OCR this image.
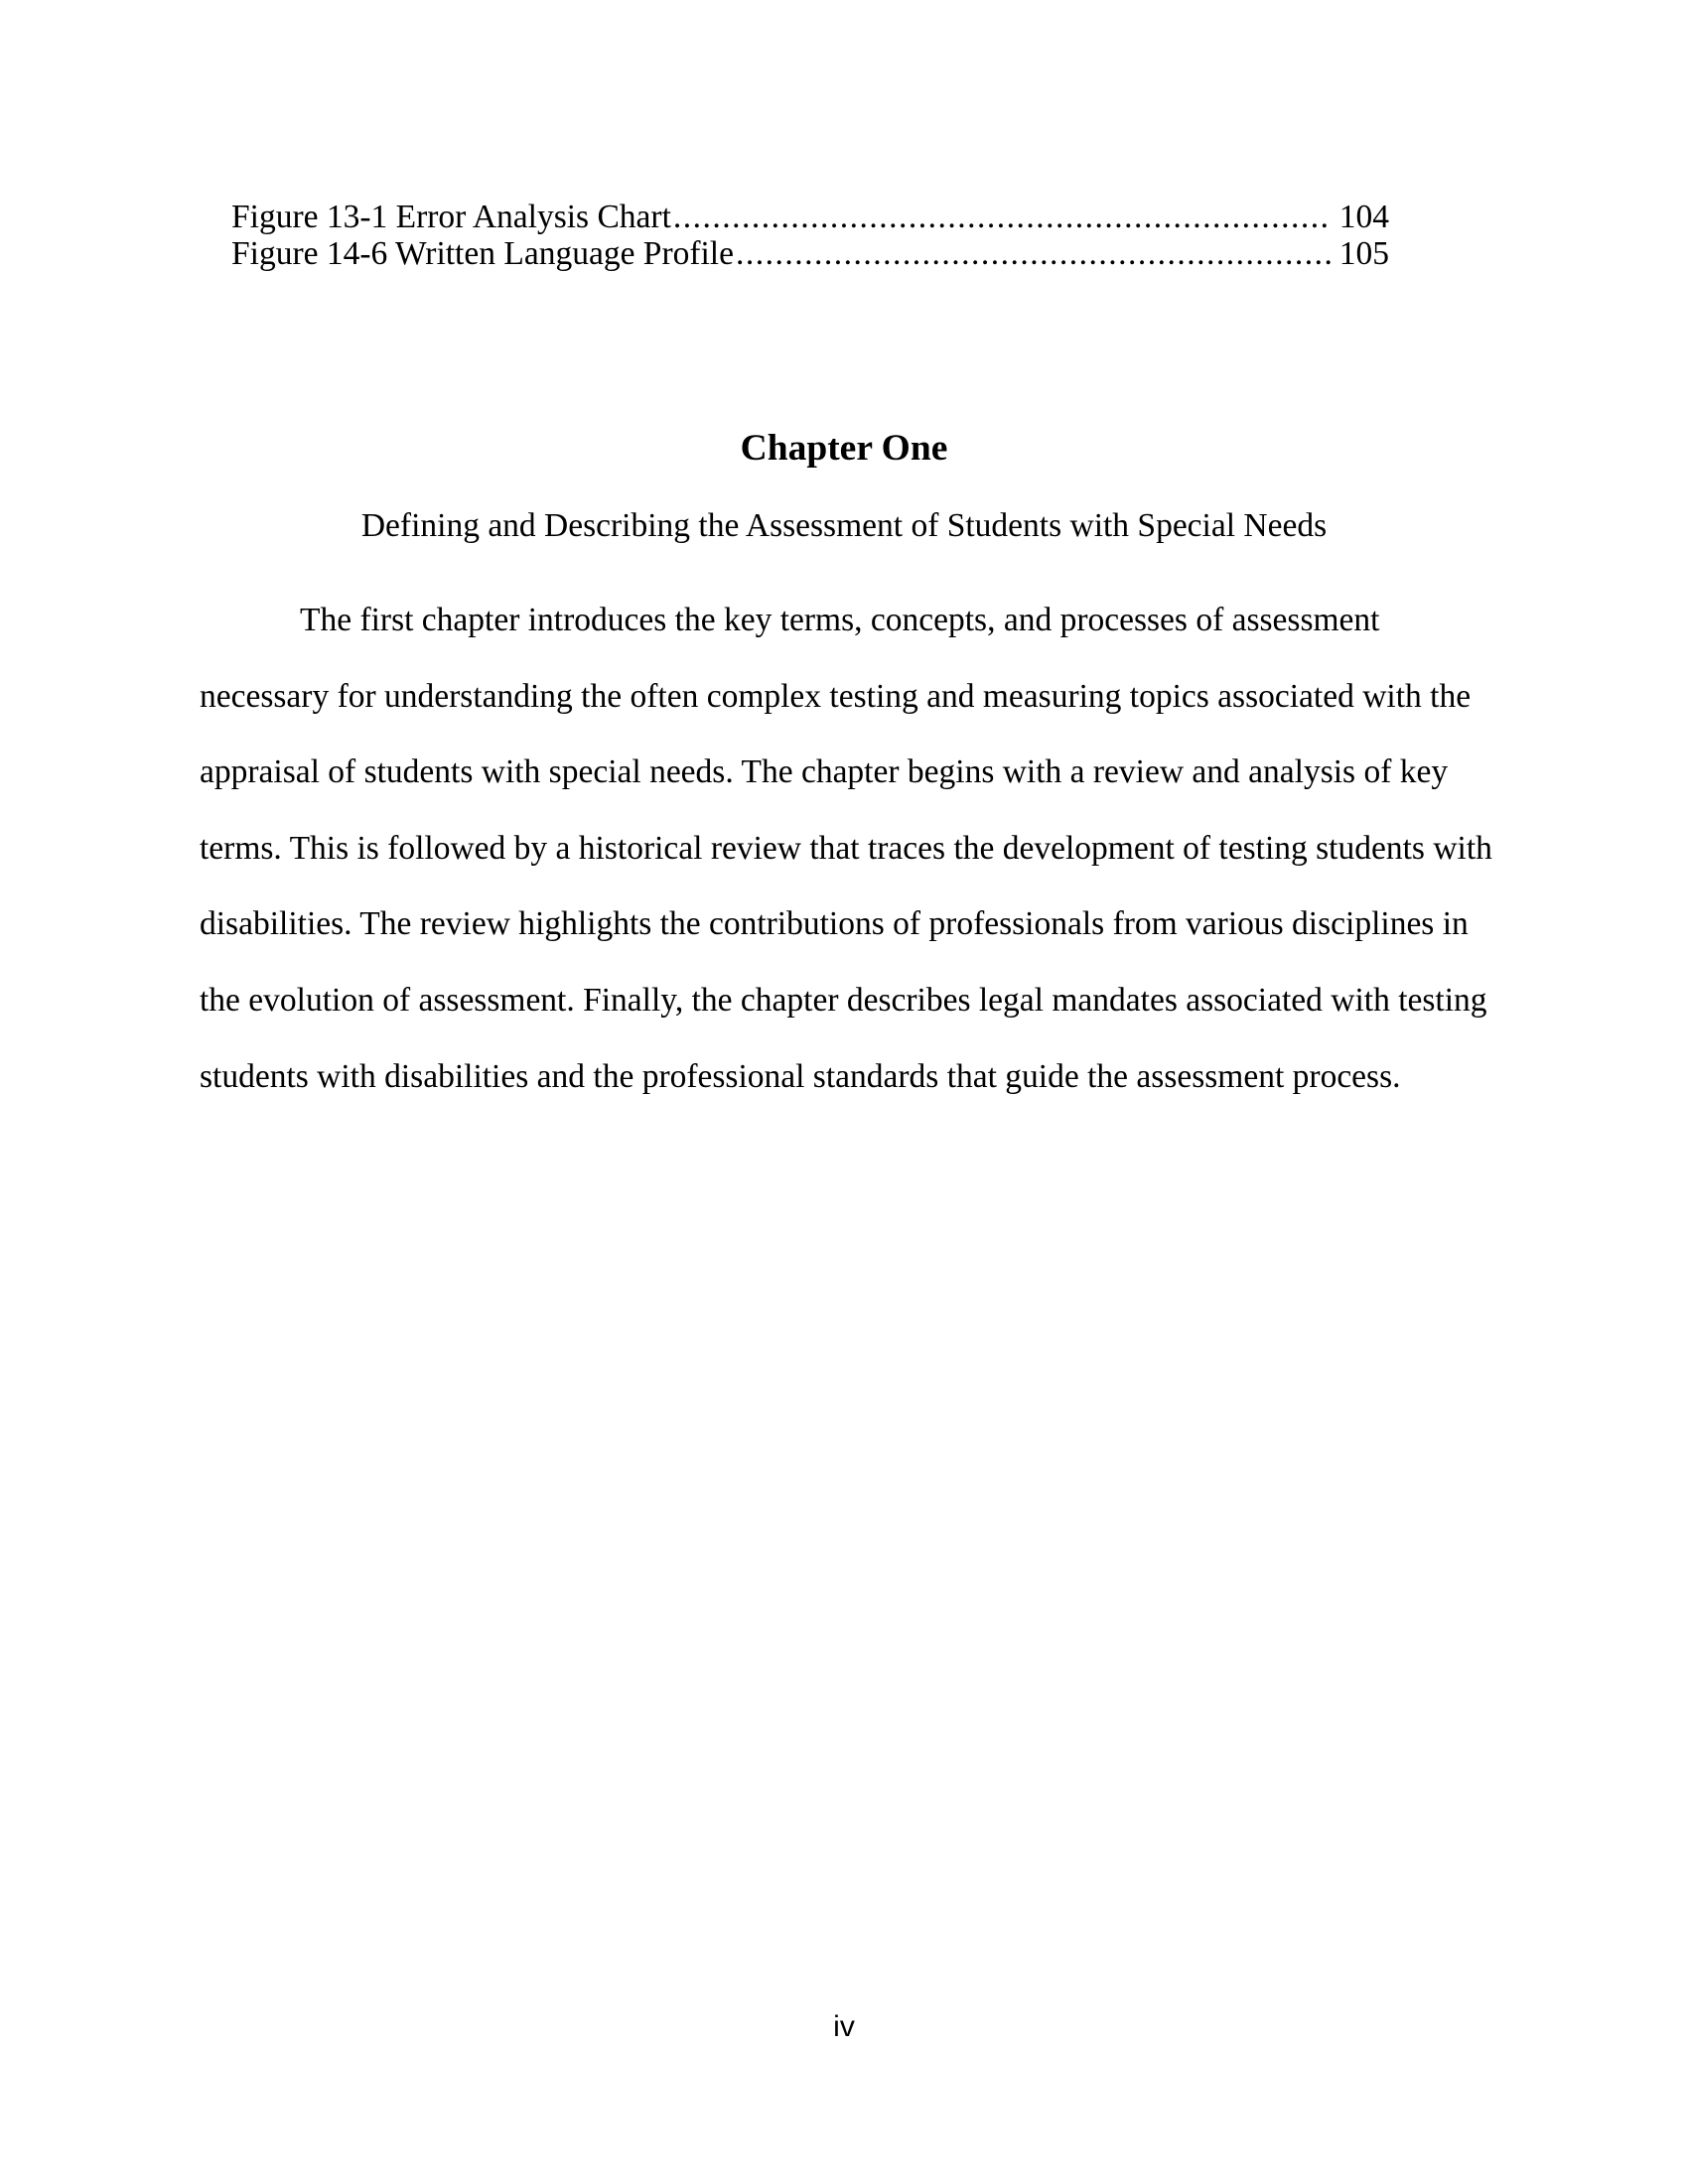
Figure 13-1 Error Analysis Chart .....	104
Figure 14-6 Written Language Profile .....	105
Chapter One
Defining and Describing the Assessment of Students with Special Needs
The first chapter introduces the key terms, concepts, and processes of assessment
necessary for understanding the often complex testing and measuring topics associated with the
appraisal of students with special needs. The chapter begins with a review and analysis of key
terms. This is followed by a historical review that traces the development of testing students with
disabilities. The review highlights the contributions of professionals from various disciplines in
the evolution of assessment. Finally, the chapter describes legal mandates associated with testing
students with disabilities and the professional standards that guide the assessment process.
iv
